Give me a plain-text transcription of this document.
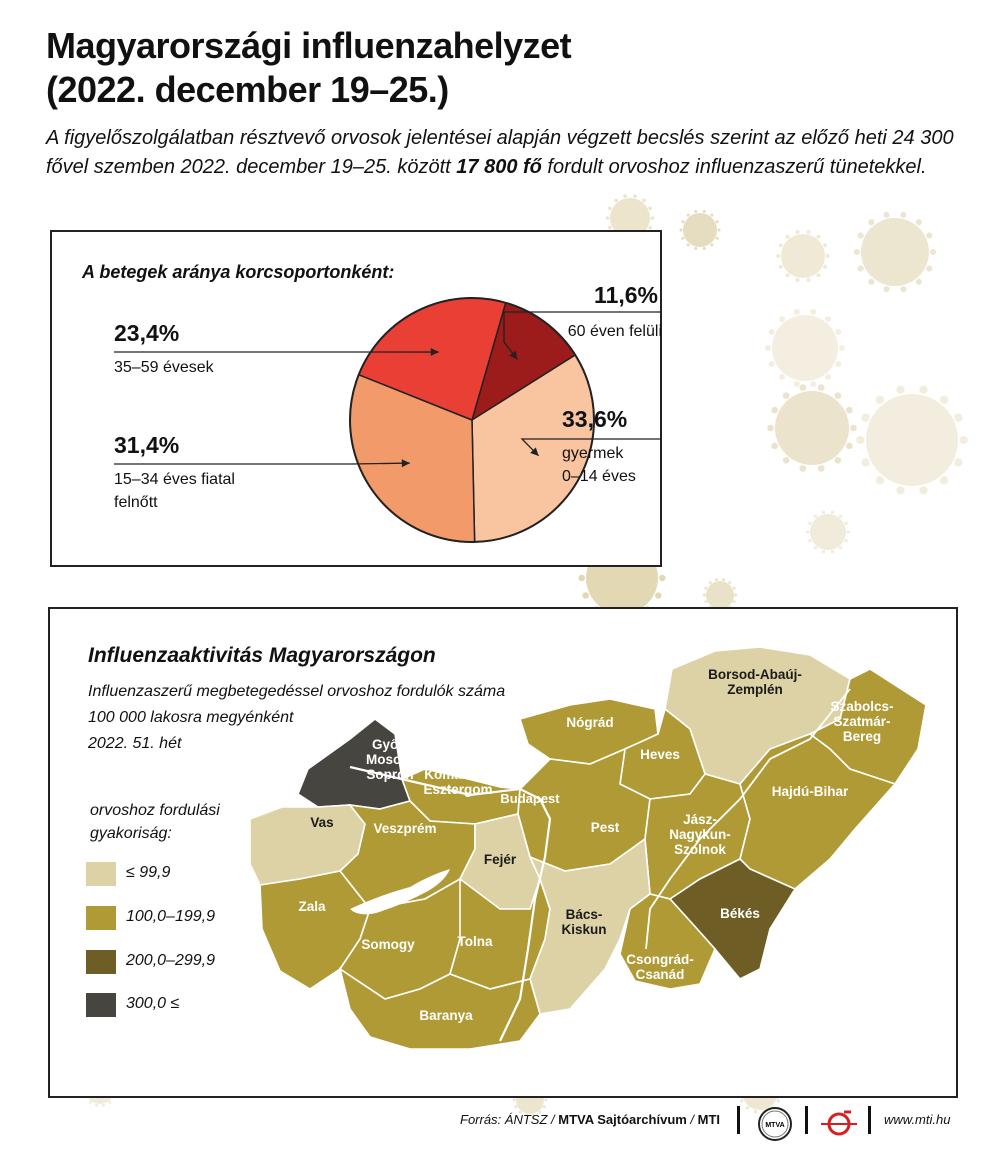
Magyarországi influenzahelyzet
(2022. december 19–25.)

A figyelőszolgálatban résztvevő orvosok jelentései alapján végzett becslés szerint az előző heti 24 300 fővel szemben 2022. december 19–25. között 17 800 fő fordult orvoshoz influenzaszerű tünetekkel.

A betegek aránya korcsoportonként:
23,4%
35–59 évesek
31,4%
15–34 éves fiatal
felnőtt
11,6%
60 éven felüli
33,6%
gyermek
0–14 éves
Győr-
Moson-
Sopron Komárom-
Esztergom
Nógrád
Borsod-Abaúj-
Zemplén
Szabolcs-
Szatmár-
Bereg
Heves
Budapest
Pest
Vas	Veszprém
Fejér
Jász-
Nagykun-
Szolnok
Hajdú-Bihar
Zala
Somogy	Tolna
Bács-
Kiskun
Békés
Csongrád-
Csanád
Baranya
Influenzaaktivitás Magyarországon
Influenzaszerű megbetegedéssel orvoshoz fordulók száma
100 000 lakosra megyénként
2022. 51. hét
orvoshoz fordulási
gyakoriság:
≤ 99,9
100,0–199,9
200,0–299,9
300,0 ≤
Forrás: ÁNTSZ / MTVA Sajtóarchívum / MTI	MTVA	www.mti.hu
